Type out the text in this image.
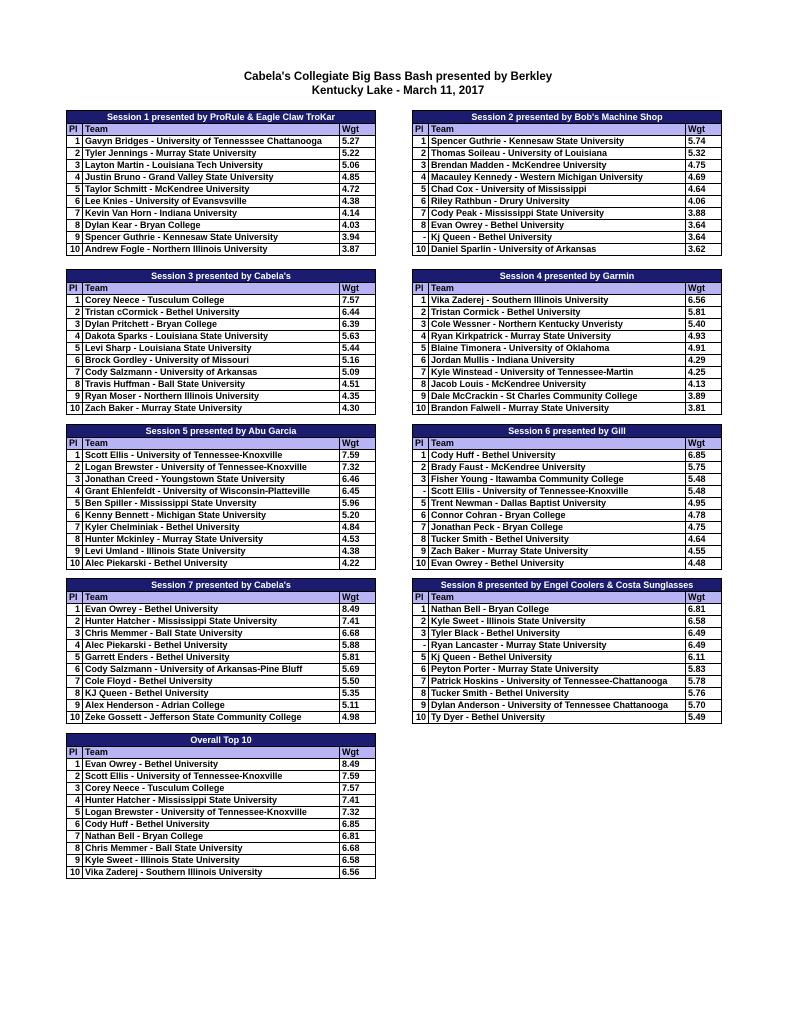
Cabela's Collegiate Big Bass Bash presented by Berkley
Kentucky Lake - March 11, 2017
Session 1 presented by ProRule & Eagle Claw TroKar		
Pl	Team	Wgt
1	Gavyn Bridges - University of Tennesssee Chattanooga	5.27
2	Tyler Jennings - Murray State University	5.22
3	Layton Martin - Louisiana Tech University	5.06
4	Justin Bruno - Grand Valley State University	4.85
5	Taylor Schmitt - McKendree University	4.72
6	Lee Knies - University of Evansvsville	4.38
7	Kevin Van Horn - Indiana University	4.14
8	Dylan Kear - Bryan College	4.03
9	Spencer Guthrie - Kennesaw State University	3.94
10	Andrew Fogle - Northern Illinois University	3.87
Session 2 presented by Bob's Machine Shop		
Pl	Team	Wgt
1	Spencer Guthrie - Kennesaw State University	5.74
2	Thomas Soileau - University of Louisiana	5.32
3	Brendan Madden - McKendree University	4.75
4	Macauley Kennedy - Western Michigan University	4.69
5	Chad Cox - University of Mississippi	4.64
6	Riley Rathbun - Drury University	4.06
7	Cody Peak - Mississippi State University	3.88
8	Evan Owrey - Bethel University	3.64
-	Kj Queen - Bethel University	3.64
10	Daniel Sparlin - University of Arkansas	3.62
Session 3 presented by Cabela's		
Pl	Team	Wgt
1	Corey Neece - Tusculum College	7.57
2	Tristan cCormick - Bethel University	6.44
3	Dylan Pritchett - Bryan College	6.39
4	Dakota Sparks - Louisiana State University	5.63
5	Levi Sharp - Louisiana State University	5.44
6	Brock Gordley - University of Missouri	5.16
7	Cody Salzmann - University of Arkansas	5.09
8	Travis Huffman - Ball State University	4.51
9	Ryan Moser - Northern Illinois University	4.35
10	Zach Baker - Murray State University	4.30
Session 4 presented by Garmin		
Pl	Team	Wgt
1	Vika Zaderej - Southern Illinois University	6.56
2	Tristan Cormick - Bethel University	5.81
3	Cole Wessner - Northern Kentucky Unveristy	5.40
4	Ryan Kirkpatrick - Murray State University	4.93
5	Blaine Timonera - University of Oklahoma	4.91
6	Jordan Mullis - Indiana University	4.29
7	Kyle Winstead - University of Tennessee-Martin	4.25
8	Jacob Louis - McKendree University	4.13
9	Dale McCrackin - St Charles Community College	3.89
10	Brandon Falwell - Murray State University	3.81
Session 5 presented by Abu Garcia		
Pl	Team	Wgt
1	Scott Ellis - University of Tennessee-Knoxville	7.59
2	Logan Brewster - University of Tennessee-Knoxville	7.32
3	Jonathan Creed - Youngstown State University	6.46
4	Grant Ehlenfeldt - University of Wisconsin-Platteville	6.45
5	Ben Spiller - Mississippi State Unversity	5.96
6	Kenny Bennett - Michigan State University	5.20
7	Kyler Chelminiak - Bethel University	4.84
8	Hunter Mckinley - Murray State University	4.53
9	Levi Umland - Illinois State University	4.38
10	Alec Piekarski - Bethel University	4.22
Session 6 presented by Gill		
Pl	Team	Wgt
1	Cody Huff - Bethel University	6.85
2	Brady Faust - McKendree University	5.75
3	Fisher Young - Itawamba Community College	5.48
-	Scott Ellis - University of Tennessee-Knoxville	5.48
5	Trent Newman - Dallas Baptist University	4.95
6	Connor Cohran - Bryan College	4.78
7	Jonathan Peck - Bryan College	4.75
8	Tucker Smith - Bethel University	4.64
9	Zach Baker - Murray State University	4.55
10	Evan Owrey - Bethel University	4.48
Session 7 presented by Cabela's		
Pl	Team	Wgt
1	Evan Owrey - Bethel University	8.49
2	Hunter Hatcher - Mississippi State University	7.41
3	Chris Memmer - Ball State University	6.68
4	Alec Piekarski - Bethel University	5.88
5	Garrett Enders - Bethel University	5.81
6	Cody Salzmann - University of Arkansas-Pine Bluff	5.69
7	Cole Floyd - Bethel University	5.50
8	KJ Queen - Bethel University	5.35
9	Alex Henderson - Adrian College	5.11
10	Zeke Gossett - Jefferson State Community College	4.98
Session 8 presented by Engel Coolers & Costa Sunglasses		
Pl	Team	Wgt
1	Nathan Bell - Bryan College	6.81
2	Kyle Sweet - Illinois State University	6.58
3	Tyler Black - Bethel University	6.49
-	Ryan Lancaster - Murray State University	6.49
5	Kj Queen - Bethel University	6.11
6	Peyton Porter - Murray State University	5.83
7	Patrick Hoskins - University of Tennessee-Chattanooga	5.78
8	Tucker Smith - Bethel University	5.76
9	Dylan Anderson - University of Tennessee Chattanooga	5.70
10	Ty Dyer - Bethel University	5.49
Overall Top 10		
Pl	Team	Wgt
1	Evan Owrey - Bethel University	8.49
2	Scott Ellis - University of Tennessee-Knoxville	7.59
3	Corey Neece - Tusculum College	7.57
4	Hunter Hatcher - Mississippi State University	7.41
5	Logan Brewster - University of Tennessee-Knoxville	7.32
6	Cody Huff - Bethel University	6.85
7	Nathan Bell - Bryan College	6.81
8	Chris Memmer - Ball State University	6.68
9	Kyle Sweet - Illinois State University	6.58
10	Vika Zaderej - Southern Illinois University	6.56
